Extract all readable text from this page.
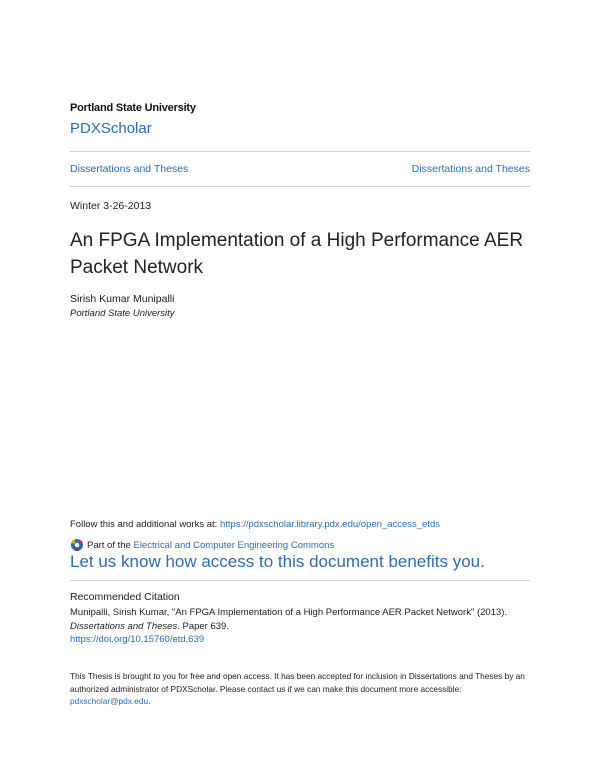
Portland State University
PDXScholar
Dissertations and Theses	Dissertations and Theses
Winter 3-26-2013
An FPGA Implementation of a High Performance AER Packet Network
Sirish Kumar Munipalli
Portland State University
Follow this and additional works at: https://pdxscholar.library.pdx.edu/open_access_etds
Part of the
Electrical and Computer Engineering Commons
Let us know how access to this document benefits you.
Recommended Citation
Munipalli, Sirish Kumar, "An FPGA Implementation of a High Performance AER Packet Network" (2013).
Dissertations and Theses. Paper 639.
https://doi.org/10.15760/etd.639
This Thesis is brought to you for free and open access. It has been accepted for inclusion in Dissertations and Theses by an authorized administrator of PDXScholar. Please contact us if we can make this document more accessible: pdxscholar@pdx.edu.
